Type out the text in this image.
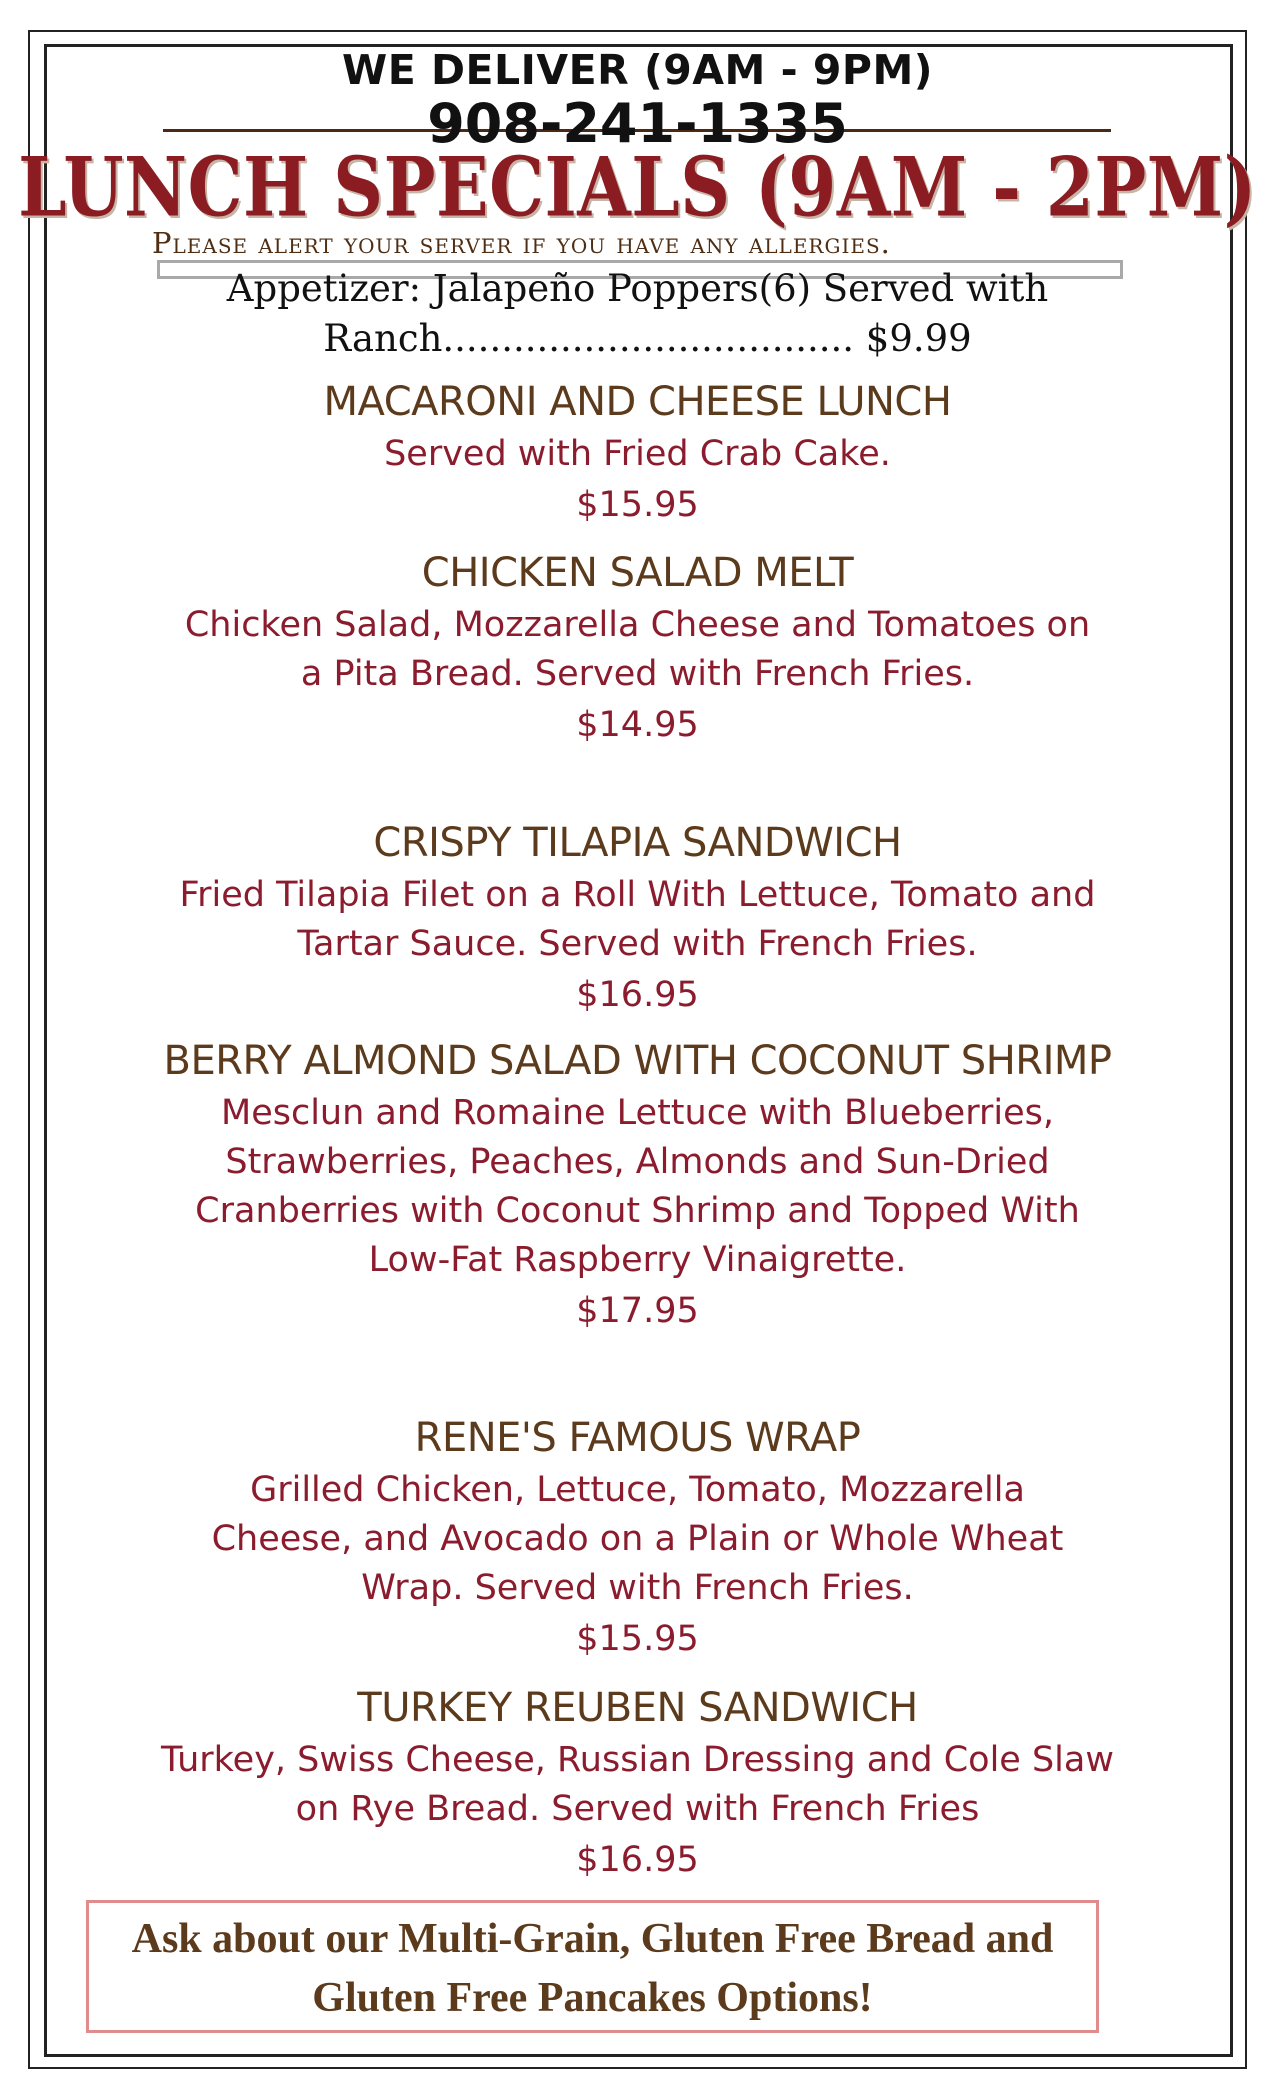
WE DELIVER (9AM - 9PM)
908-241-1335
LUNCH SPECIALS (9AM - 2PM)
Please alert your server if you have any allergies.
Appetizer: Jalapeño Poppers(6) Served with
Ranch................................... $9.99
MACARONI AND CHEESE LUNCH
Served with Fried Crab Cake.
$15.95
CHICKEN SALAD MELT
Chicken Salad, Mozzarella Cheese and Tomatoes on a Pita Bread. Served with French Fries.
$14.95
CRISPY TILAPIA SANDWICH
Fried Tilapia Filet on a Roll With Lettuce, Tomato and Tartar Sauce. Served with French Fries.
$16.95
BERRY ALMOND SALAD WITH COCONUT SHRIMP
Mesclun and Romaine Lettuce with Blueberries, Strawberries, Peaches, Almonds and Sun-Dried Cranberries with Coconut Shrimp and Topped With Low-Fat Raspberry Vinaigrette.
$17.95
RENE'S FAMOUS WRAP
Grilled Chicken, Lettuce, Tomato, Mozzarella Cheese, and Avocado on a Plain or Whole Wheat Wrap. Served with French Fries.
$15.95
TURKEY REUBEN SANDWICH
Turkey, Swiss Cheese, Russian Dressing and Cole Slaw on Rye Bread. Served with French Fries
$16.95
Ask about our Multi-Grain, Gluten Free Bread and Gluten Free Pancakes Options!
